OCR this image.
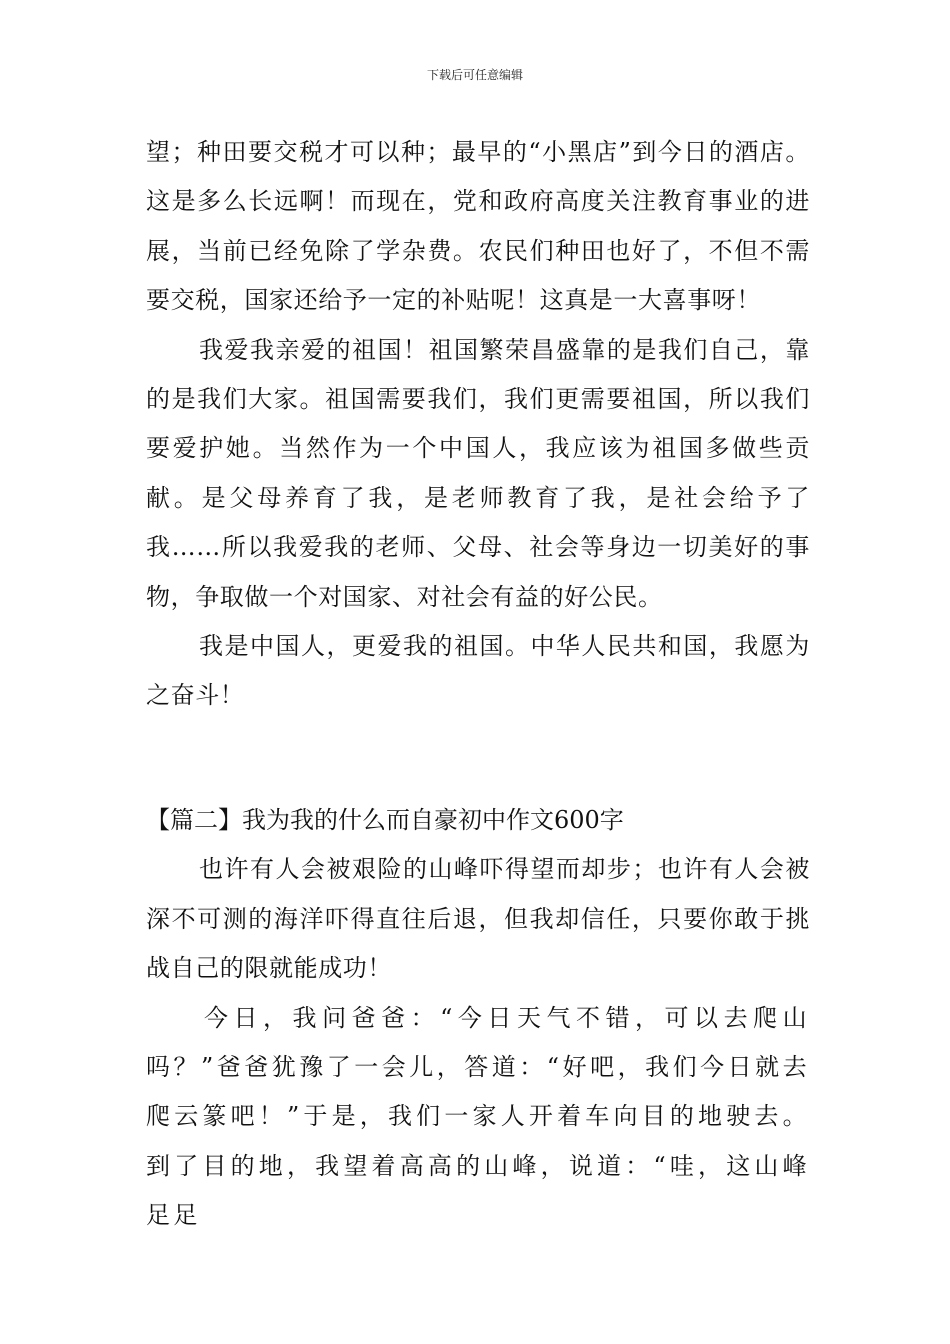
下载后可任意编辑

望；种田要交税才可以种；最早的“小黑店”到今日的酒店。这是多么长远啊！而现在，党和政府高度关注教育事业的进展，当前已经免除了学杂费。农民们种田也好了，不但不需要交税，国家还给予一定的补贴呢！这真是一大喜事呀！

我爱我亲爱的祖国！祖国繁荣昌盛靠的是我们自己，靠的是我们大家。祖国需要我们，我们更需要祖国，所以我们要爱护她。当然作为一个中国人，我应该为祖国多做些贡献。是父母养育了我，是老师教育了我，是社会给予了我……所以我爱我的老师、父母、社会等身边一切美好的事物，争取做一个对国家、对社会有益的好公民。

我是中国人，更爱我的祖国。中华人民共和国，我愿为之奋斗！

【篇二】我为我的什么而自豪初中作文600字

也许有人会被艰险的山峰吓得望而却步；也许有人会被深不可测的海洋吓得直往后退，但我却信任，只要你敢于挑战自己的限就能成功！

今日，我问爸爸：“今日天气不错，可以去爬山吗？”爸爸犹豫了一会儿，答道：“好吧，我们今日就去爬云篆吧！”于是，我们一家人开着车向目的地驶去。到了目的地，我望着高高的山峰，说道：“哇，这山峰足足
